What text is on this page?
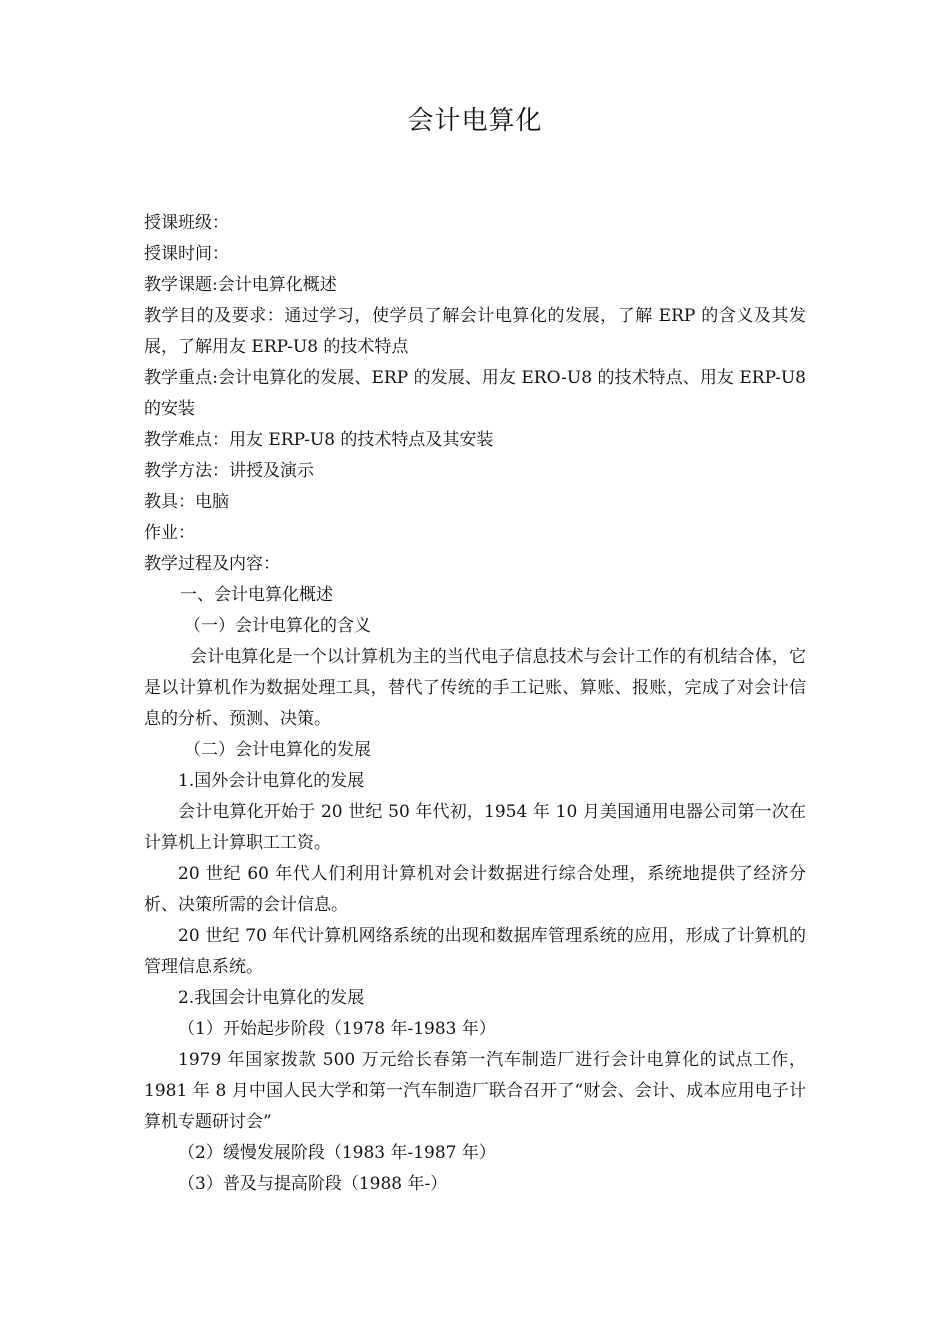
会计电算化

授课班级：

授课时间：

教学课题:会计电算化概述

教学目的及要求：通过学习，使学员了解会计电算化的发展，了解 ERP 的含义及其发展，了解用友 ERP-U8 的技术特点

教学重点:会计电算化的发展、ERP 的发展、用友 ERO-U8 的技术特点、用友 ERP-U8 的安装

教学难点：用友 ERP-U8 的技术特点及其安装

教学方法：讲授及演示

教具：电脑

作业：

教学过程及内容：

一、会计电算化概述

（一）会计电算化的含义

会计电算化是一个以计算机为主的当代电子信息技术与会计工作的有机结合体，它是以计算机作为数据处理工具，替代了传统的手工记账、算账、报账，完成了对会计信息的分析、预测、决策。

（二）会计电算化的发展

1.国外会计电算化的发展

会计电算化开始于 20 世纪 50 年代初，1954 年 10 月美国通用电器公司第一次在计算机上计算职工工资。

20 世纪 60 年代人们利用计算机对会计数据进行综合处理，系统地提供了经济分析、决策所需的会计信息。

20 世纪 70 年代计算机网络系统的出现和数据库管理系统的应用，形成了计算机的管理信息系统。

2.我国会计电算化的发展

（1）开始起步阶段（1978 年-1983 年）

1979 年国家拨款 500 万元给长春第一汽车制造厂进行会计电算化的试点工作，1981 年 8 月中国人民大学和第一汽车制造厂联合召开了“财会、会计、成本应用电子计算机专题研讨会”

（2）缓慢发展阶段（1983 年-1987 年）

（3）普及与提高阶段（1988 年-）
